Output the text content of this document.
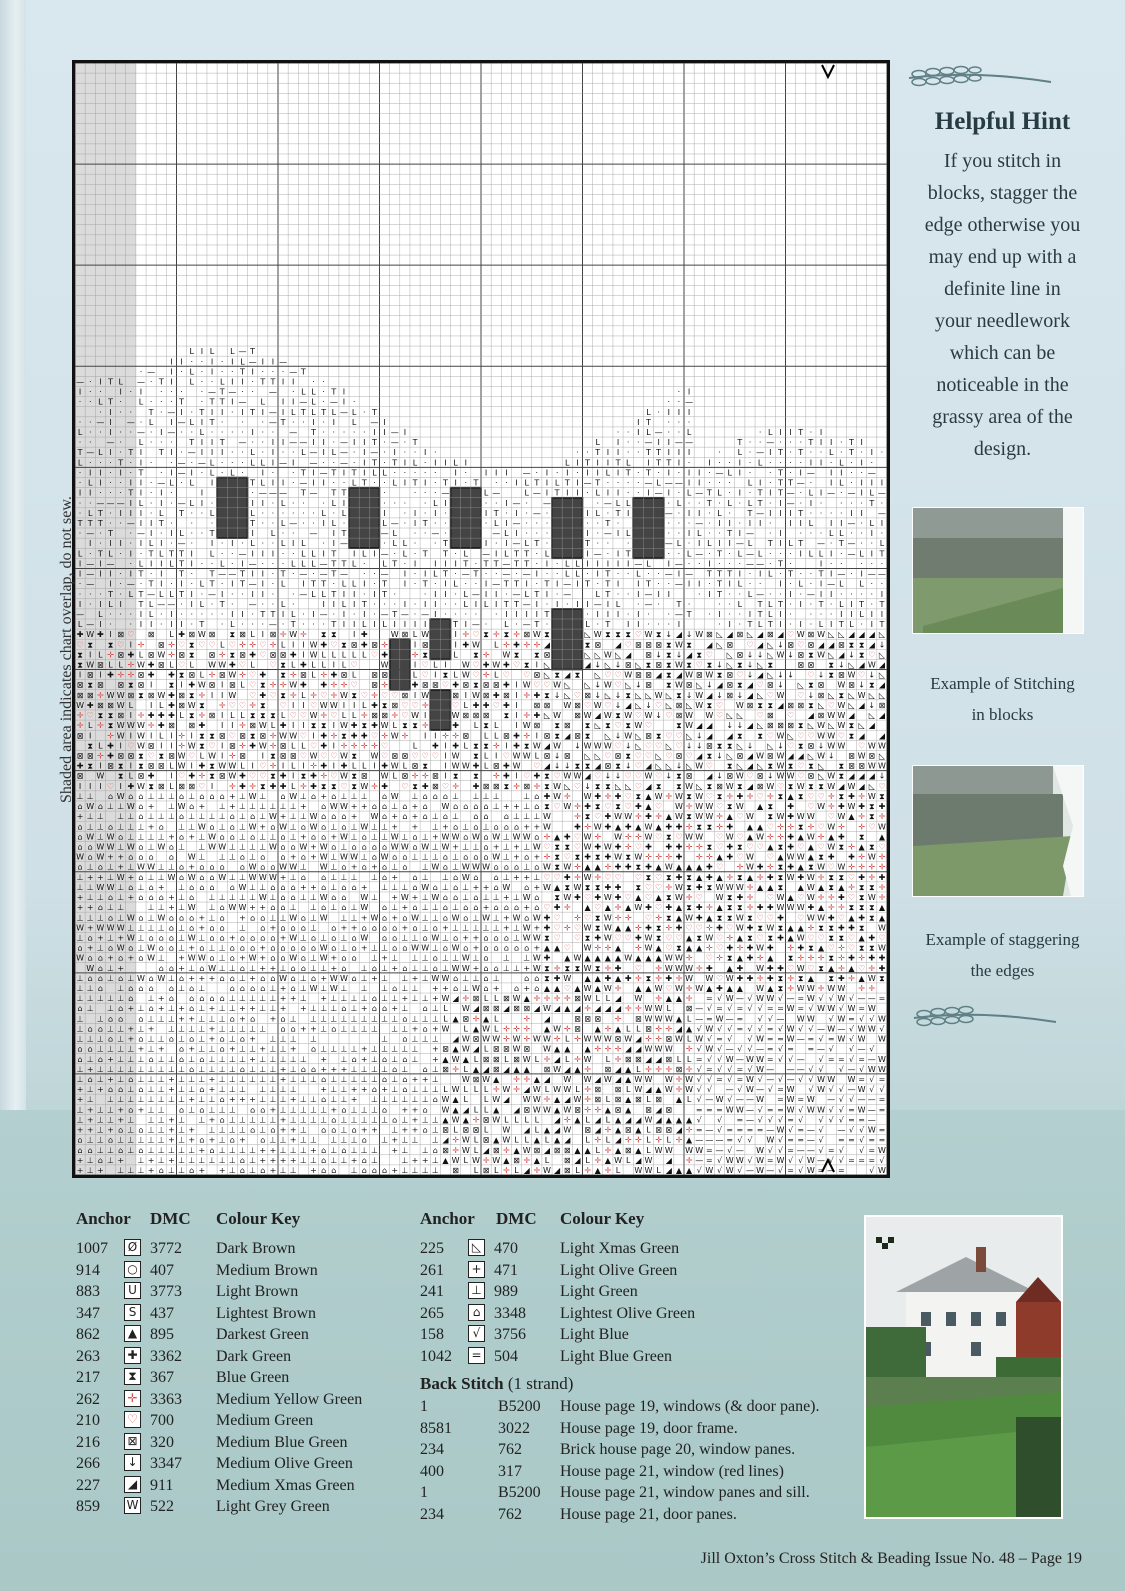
L I L L — T
I I · · I · I L — I I —
· — I · L · I · · T I · · · — T
— · I T L — · T I L · · L I I · T T I I · ·
I · · I · I · · · · — T — · · — · L L · T I	· I
· · L T · L · · · T · T T I — L I I — L · — I ·	· · —
· I · · T · — I · T I I · I T I — I L T L T L — L · T	L · I I I
· · — I — · L I — L I T · · · — T · · I · I L — I	I T · · ·
L · · I · · — · I — · · L · · · · I · · — T · · · · · I I — I	· · I L — · · L	· L I I T · I
· · — · L · · · T I I T — · · I I — — I I · — I I T · — · T	L I · · — I I — —	T · · — · · · T I I · T I
T — L I · T I T I · — I I I · · L · I · · L — I L — · I — · I · · I ·	· · T I I · · T T I I I	· L · — I T · T · · L · T · I ·
L · · · T · I · · — · — L · · · L L I — I — · · — · I T · T I L · I I L I	L I T I I T L I T T I · I · · I · L · · · · I I · L · I ·
· I I · I · T · I — I · L · L · I · · T I — T I T I L L · · · · · I · I I I — · I · I · I I L I T · T · I · I I · — L I · · T · I — I I · · —
· L I · · I I · — L · L I	T L I I · — I I · · L T · · L I T I · T I · T · · I L T I L T I — T · · · · — L — — I I · · · L I · T T — · I L · I I I
I I · · · T I · I ·	I	· — — — T — T T	·	· · · —	L —	L — I T I I · L I I · · I — I · L — T L · I · T I T — · L I — · — I L —
· · — — — I L · I · — L I ·	I I · L · · · L I	· · · · L I	· · I — · —	· — L L	· L · · T · L · L T · I — · I · · · · T ·
· L T · I I I · L T · · L	L · · · · · · L · L	I · I · I ·	I T · I · — ·	I L · T I	— · I I · L · T — I I I T · · · · I I —
T T T · · — I I T · · ·	T · · L — · · I L ·	L — · I T · ·	· L I — · · ·	· · T ·	· · · — · I I · I I · I I L I I — · L I
· — · T · — I · I L · · T	I L · · — I T	— L · · — ·	— L I · · ·	I · — I L	· · I L · · T I — · I · · · L L · · I ·
I · I I · I L I · — · I · I · L · · L I L · I —	· L L · · T	I · I — L T ·	T · · ·	— L · I L I I — L T I L T — · T — · · L
L · T L · I · T L T T I L · · — I I I · · L L I T I L I — · L · T T · L — I L T T · L	I — · I T	· · L — · T · L — L · · · I L L I · — L I T
I — I — · L I I L T I · · L · I — · · · L L L — T T L · L T · I I I I T · T T — T T · I · L L I I I I I — L I — · · I · · · — — · T ·	I · · · · ·
I — I I · I T · I T · T — — T I I · T · — · — T — · · — I · I L T · — T · · — · — I · · L L · I T · · L · · — I — T T T I · I L · T · · T I — · I — —
· — I · — · T I · I · L T · I T — I · L I T T · L L I · T I · T · I L · · I — T T I · T I — I T · T I I T · · — I I · T I L · · I · L · I — L L · ·
· · · T · L T — L L T I · — I · · I I · · — L L T I I · I T ·	· I I · L — I I · — L T I · —	L T · · I — I I	· I T · · L — · · I · — I I · · · · I
I · I L I T L — — · I L · T · — · · L ·	I I L I T · · · I · I I · · L I L I T T — I · I · I I — I L · — · T ·	· · L T L T · I · T · L I T · T
— L · · · I L · I · · · · · I I · T T I L · I — · I · I · — T — · — I · · · · · I I I I T	· I I I · I · · — T · I · · I T L I · · · · I I L I I
L — I · · I I · I I · T · L · · · — · T · · · T I I L I L I I I I	T I — · L · — T ·	L · T I I · · · I	· I · T L T I · I · L I T L · I T
✚ W ✚ I ⊠ ♡ ⊠ L ✚ ⊠ W ⊠ ⧗ ⊠ L I ⊠ ✛ W ✛ ⧗ ⧗ I ✚	W ⊠ L W	I ✛ ♡ ⧗ ✛ ⧗ ✛ ⊠ W ⧗	◺ W ⧗ ⧗ ⧗ ♡ W ⧗ ↓ ◢ ↓ W ⊠ ◺ ◢ ⊠ ◺ ◢ ⊠ ◢ ♡ W ⊠ W ◺ ◺ ◢ ◢ ◢ ◺
♡ ⧗ ⧗ ♡ I ✛ ⊠ ✛ ♡ ⧗ ♡ ♡ L ♡ ✛ ✛ ♡ ✛ L I I W ✚ ♡ ⧗ ⊠ ✚ ⊠ ✛	I ⊠	I ✚ W L ✛ ✚ ✛ ✛ ◢	⧗ ⊠ ◢ ♡ ⊠ ⊠ ⊠ ⧗ W ⧗ ◢ ◺ ⊠ ♡ ◢ ◺ ↓ ⊠ ♡ ⊠ ◢ ◢ ⊠ ⧗ ⧗ ◢ ↓
⧗ I L ✛ ⊠ ✚ L ⊠ W ✛ ⊠ ⧗ ⊠ ✛ ⧗ ⊠ ✚ ♡ ⊠ ⊠ ✚ I W L L L L L ♡ ✚	✛ ⧗	L ⧗ ✛ W ⧗ ⧗ ⊠	◺ ◺ W ◺ ◢ ⊠ ↓ ⧗ ↓ ◢ ⧗ ♡ ◺ ⊠ ↓ ↓ ◺ W ↓ ⊠ ⧗ W ◺ ◢ ↓ ⧗ ♡ ◺
⧗ W ⊠ L L ✛ W ✚ ⊠ L ♡ L W W ✚ ♡ L ♡ ⧗ L ✚ L L I L ♡	W	I ♡ L I W ♡ ✚ W ✚ ♡ ⧗ I ◺	◢ ↓ ◺ ↓ ⊠ ◺ ⧗ ⊠ ⧗ W ⧗ ♡ ⧗ ↓ ◺ ⧗ ↓ ◺ ⧗	⊠ ⊠ ⧗ ↓ ◺ ◢ W ◢
I ⊠ I ✚ ✛ ✛ ⊠ ✚ ✚ ⧗ ⊠ L ✛ ⊠ W ✛ ♡ ✚ ⧗ ✛ ⊠ L ✛ ✚ ⊠ L ⊠ ⊠	L ♡ I ⧗ L W ♡ ✛ L ♡ ♡ ⊠ ◺ ⧗ ◢ ⧗ ◺ ♡ ♡ W ⊠ ⊠ ◢ ⧗ ◢ W ⊠ W ⧗ ⊠ ♡ ↓ ◢ ◺ ↓ ↓ ♡ ↓ ⧗ ⊠ W ♡ ↓ ◺
⊠ ⧗ ⊠ ⊠ ⧗ ⊠ I ⧗ I ✚ W ⊠ I ⊠ L ♡ ⧗ ✛ ✛ W ✚ ✚ ✛ ✛ ♡ ⊠ ✛	✚ ⊠ ⊠ ♡ ✚ ⊠ ⧗ ⊠ ⊠ ✚ I W ♡ ♡ W ◺ ◺ ↓ W ♡ ◺ ↓ ⊠ ⧗ W ⊠ ◺ ↓ ◢ ⊠ ⧗ ◢ ♡ ⊠ ↓ ◺ ⧗ ⊠ W ⊠ ↓ ⧗ ◢
⊠ ⊠ ✛ W W ⊠ ⧗ ⊠ W ✚ ⊠ ⧗ ✛ I I W ♡ ✚ ♡ ⧗ ✛ L ✛ ♡ ✛ W ⧗ ♡ ✛ ♡ ♡ ⊠ I W	⊠ I W ⊠ ✚ ⊠ I ✛ ✚ ⧗ ↓ ◺ ♡ ⊠ ↓ ◺ ↓ ⧗ ◺ ◺ W ◺ ⧗ ↓ W ◢ ↓ ⊠ ↓ ◢ ◺ ♡ W ♡ ↓ ⊠ ◺ ⧗ ◺ W ◺ ◺
W ✚ ⊠ ⊠ W L I L ✚ ⊠ W ⧗ ✛ ♡ ♡ ✛ ⧗ ♡ I I ♡ W W I I L ✚ ⧗ ⊠ ♡ ♡ ✛	♡ L ✚ ✚ ♡ ✚ I ⊠ ⊠ W ⊠ ♡ W ♡ ↓ ◢ ◺ ↓ ♡ ◺ ⊠ ◺ W ⧗ ♡ W ⊠ ⧗ ⧗ ◢ ⊠ ⊠ ⧗ ◺ ♡ W ◺ ◢ ↓ ⊠
✛ ♡ ⧗ ⧗ ⊠ I ✛ ✚ ✚ ✚ L ⧗ ✛ ⊠ I L L ⧗ ⧗ ⧗ L ♡ ♡ W ✛ ♡ L L ✛ ⊠ ⊠ ✛ ♡ W I	W ⊠ ⊠ ⊠ ⧗ I ✛ ✚ ◺ W ⊠ W ◢ W ⧗ W ♡ W ↓ ♡ ⊠ W W ♡ ◺ ◺ ♡ ⊠ ♡ ◢ ⊠ W W ◢ ◺ ◢
✛ L ✛ ⧗ W W W ✛ ✚ ⊠ ⊠ ✚ I I ✛ ⊠ W L ✚ I I ⧗ ⧗ I W ✚ ⧗ ✚ W L ⧗ ⧗ ✛	✚ L ⧗ L I W ⊠ ⧗ ⊠ ⧗ ◺ ⧗ ♡ ⧗ W ♡	⧗ W ◢ ◢ ↓ ↓ ◢ ◺ ⊠ ⊠ ⊠ ⧗ ◺ W ◺ W ⧗ ◺ ◢
⊠ I ✛ W I W I L I ✛ I ⧗ ⧗ ⊠ ♡ ⊠ ⧗ ⊠ ✛ W W ♡ I ✚ ✛ ⧗ ✚ ✚ ♡ ✛ W ✛ I I ✛ ✛ ⊠ L L ⊠ ✚ ✛ I ⊠ ⧗ ◢ ⊠ ⧗ ◺ ↓ W ◺ ⊠ ⧗ ♡ ♡ ◺ ↓ ◢ ◢ ⧗ ⧗ ♡ W ◺ ♡ ♡ W W ♡ ⧗ ◢ ◢
⧗ L ✚ I ♡ W ⊠ I I ✛ W ⧗ ♡ I ⊠ ✛ ✚ W ✛ ⊠ L L ♡ ✚ I ✛ ✛ ✛ ✛ ♡	L ✚ I ✚ L ⧗ ⧗ ✛ I ✚ ⧗ W ◢ W ↓ W W W ♡ ↓ ◺ ♡ ♡ ◺ ♡ ↓ ↓ ⊠ ⧗ ⧗ ◺ ↓ ◺ ↓ ♡ ⧗ ⊠ ↓ W W ♡ W W
⊠ ⊠ ✛ ✚ ⊠ ⊠ ⧗ ♡ ⧗ ⊠ W ♡ L W I ✛ ⊠ I ⧗ ⊠ ⊠ ♡ W ♡ ♡ W ⧗ W ♡ ⊠ ⊠ ♡ ♡ ♡ I W ⧗ L I ♡ W W L ⊠ ↓ ⊠ ◺ ◺ ♡ ⊠ ⧗ ♡ ♡ ◺ ♡ ⊠ ♡ ◢ ⧗ ↓ ◺ ⊠ ◢ W ⊠ W ◢ ◢ ◺ W ↓ ⊠ W ⊠ ◺
✚ ⧗ I ⊠ ⧗ I ⧗ ⊠ ⊠ L W I ✚ ⧗ W W L I ♡ ✛ I L I ✛ ✚ I ✚ L L I ✚ W L ⊠ ⧗ I W W ✚ L ⊠ ✚ W ♡ ◢ ↓ ↓ ⧗ ⧗ ◢ ⊠ ⧗ ↓ ♡ ◢ ◺ ◺ ↓ ◺ W ♡ ⧗ ◺ ◢ ◺ ⧗ W ⧗ ♡ ⧗ ◺ ⧗ ⊠ ⊠ W W
⊠ W ⧗ L ⊠ ✚ I ♡ ✚ ✛ ⧗ ⊠ W ✚ ♡ ♡ ⧗ ✚ I ⧗ ✚ ✛ ♡ W ⧗ ⊠ W L ⊠ ✛ ✛ ⊠ I ⧗ ⧗ ✛ ✚ I ♡ ✚ ⧗ ♡ W W ◢ ♡ ↓ ↓ ♡ ♡ W ♡ ↓ ⧗ ⊠ ◢ ↓ ⊠ W ♡ ⊠ ↓ W W ♡ ⊠ ◺ W ⧗ ◢ ◢ ◢ ↓
I I I ♡ I ✚ W ⧗ ⊠ L ⊠ ⊠ ♡ I ✛ ✚ ✛ ⧗ ✚ ✚ L ✛ ✚ ⧗ ⧗ ♡ ⧗ W ✛ ✚ ♡ ⧗ ✚ ⊠ ♡ ✛ ✚ ⊠ ⊠ ⧗ ✛ ⊠ ✛ ⧗ W ◺ ♡ ↓ ⧗ ⧗ ◺ ◺ ♡ ◢ ⧗ ⧗ W ◺ ⧗ ⊠ W ⧗ ◢ ⊠ W ♡ ⧗ W ⧗ ⧗ W ◢ W ◢ ◺ ♡
⊥ ⊥ ⌂ W ⌂ ⌂ ⊥ ⊥ ⊥ ⌂ ⊥ ⌂ ⌂ ⌂ + ⊥ W ⊥ ⌂ W ⊥ ⌂ + ⌂ ⊥ ⊥ ⊥ ⌂ W ⊥ ⌂ ⌂ ⌂ ⊥ ⊥ ⊥ ⊥	⊥ ⌂ ✚ W ✛ W ✚ ✛ ✚ ♡ ⧗ ▲ W ✛ W ⧗ W ♡ ⧗ ✛ ✚ ✛ ♡ ✛ ⧗ ▲ ⧗ ♡ ♡ ✛ ⧗ ✚ ✛ W ⧗
⌂ W ⌂ ⊥ ⊥ W ⌂ + ⊥ W ⌂ + ⊥ + ⊥ ⊥ ⊥ ⊥ ⊥ ⊥ + ⌂ W W + + ⌂ ⌂ ⊥ ⌂ + ⌂ W ⌂ ⌂ ⌂ ⌂ ⊥ + + ⊥ ⌂ ⧗ ♡ W ✛ ✚ ⧗ ♡ ⧗ ♡ ✚ ▲ ♡ W ✛ W W ♡ ⧗ W ▲ ⧗ ✚ ♡ W ✛ ✚ W ✚ ⧗ ✚
+ ⊥ ⊥ ⊥ ⊥ ⌂ ⊥ ⊥ ⊥ ⌂ ⊥ ⊥ ⊥ ⊥ ⌂ ⊥ ⌂ ⊥ W + ⊥ ⊥ W ⌂ ⌂ ⌂ + W ⌂ + ⌂ + ⌂ ⊥ ⌂ ⊥ ⌂ ⌂ ⌂ ⊥ ⊥ ⊥ W	✛ ⧗ ♡ ✚ W W ✛ ✚ ✛ ▲ W ⧗ W W ✛ ▲ ♡ W ⧗ W ✚ W W ♡ W ▲ ✛ ⧗ ✛
⌂ ⊥ ⊥ ⌂ ⊥ ⊥ ⊥ + ⌂ ⊥ ⊥ W ⌂ ⊥ ⌂ ⊥ W + ⌂ W ⊥ ⌂ W ⌂ ⊥ ⌂ ⊥ W ⊥ ⊥ + + ⊥ + ⌂ ⊥ ⌂ ⊥ ⌂ ⌂ ⌂ + + W	✚ ✛ W ✚ ▲ ✚ ▲ W ▲ ✚ ✚ ✛ ⧗ ⧗ ✛ ✚ ▲ ▲ ♡ ✛ ✛ ⧗ ✛ ♡ W ✛ ✛ ♡ W
⌂ W ⊥ W ⌂ ⊥ ⊥ ⊥ ⊥ + ⌂ + ⊥ W ⌂ ⌂ ⊥ ⌂ ⊥ ⊥ ⌂ ⊥ + ⌂ ⌂ + W ⊥ ⌂ ⊥ ⊥ W ⊥ ⌂ ⊥ + W W ⌂ W ⌂ W ⊥ W W ⌂ ✛ ▲ ✚ ♡ W ✛ W ✛ ✛ W ♡ ⧗ ♡ W W ♡ W ♡ ▲ W ✛ ✛ ✚ ▲ W ✛ ▲ ✚ ⧗ ▲
⌂ ⌂ W W ⊥ W ⌂ ⊥ W ⌂ ⊥ ⊥ W W ⊥ ⊥ ⊥ ⊥ W ⌂ ⌂ W + W ⌂ ⊥ ⌂ ⌂ ⌂ ⌂ W W ⌂ W ⊥ W + ⊥ ⊥ ⌂ + ⊥ + ⊥ W ♡ ⧗ ⧗ ♡ W ✚ W ✚ ✛ ♡ ✚ ✚ ✚ ✛ ✛ ⧗ ♡ ✚ ⧗ ♡ ♡ ▲ ⧗ ✚ ♡ ▲ ♡ W ⧗ ✛ ▲ ⧗ ♡
W ⌂ W + + ⌂ ⌂ ⌂ ⌂ W ⊥ ⊥ ⊥ ⌂ ⊥ ⌂ ⌂ + ⌂ + W ⊥ W W ⊥ ⌂ W ⌂ ⌂ ⊥ ⊥ ⊥ ⌂ ⊥ ⌂ ⌂ ⌂ W ⊥ + ⌂ + ✛ ⧗ ♡ ⧗ ✚ ⧗ ✚ W ⧗ W ✛ ✛ ✛ ✚ ✛ ✛ ▲ ✚ ♡ W ♡ ▲ W W ▲ ⧗ ✚ ✚ ✛ W ✛
⌂ ⊥ ⌂ ⊥ + ⊥ W W ⊥ ⊥ ⌂ + ⌂ ⌂ ⌂ ⌂ W ⌂ ⌂ W W ⊥ W ⊥ ⌂ + ⌂ + ⌂ ⊥ ⌂ ⊥ W ⌂ ⊥ W W W ⌂ ⌂ ⌂ ⊥ ⌂ W ⧗ W ✛ ▲ ▲ ✛ ✚ ✚ ⧗ ✚ ▲ W ▲ ▲ ▲ ✚ ♡ ✛ W ✚ ✛ ⧗ ✚ ▲ ⧗ W ♡ W ✛ ✛ ✛ ✛
⊥ + + ⊥ W + ⌂ ⊥ ⊥ W ⌂ W ⌂ ⌂ W ⊥ ⊥ W W W + ⊥ ⌂ ⌂ ⊥ ⊥ ⊥ ⊥ ⌂ + ⌂ ⊥ ⊥ ⌂ W ⌂ ⌂ ⊥ + + ⊥ ♡ ♡ ✚ ✛ W ✛ ♡ ♡ ♡ ⧗ ♡ ⧗ ✚ ⧗ ▲ ✚ ▲ ✛ ⧗ ▲ ✛ ✚ ⧗ W ✚ W ✛ ⧗ ⧗ ♡ ✚ ✛ ✚
⊥ ⊥ W W ⊥ ⌂ ⊥ ⌂ + ⊥ ⌂ ⌂ ⌂ ⌂ W ⊥ ⊥ ⌂ ⌂ ⌂ + + ⌂ ⊥ ⌂ ⌂ + ⊥ ⊥ ⊥ ⌂ W ⌂ ⊥ ⌂ ⊥ + + ⌂ W ⌂ + W ▲ ⧗ W ⧗ ⧗ ✚ ✚ ⧗ ♡ ♡ ✛ W ⧗ ✚ ⧗ W W W ✛ ▲ ▲ ⧗ ▲ W ▲ ⧗ ▲ ✛ ⧗ ⧗ ✛
+ ⊥ ⊥ ⌂ ⊥ + ⌂ ⌂ ⌂ + ⊥ ⌂ ⊥ ⊥ ⊥ ⊥ ⊥ W ⊥ ⌂ ⌂ ⊥ ⊥ W ⌂ ⌂ W ⊥ + W + ⊥ W ⌂ ⌂ ⊥ ⌂ ⊥ ⊥ + ⊥ W ⌂ ⧗ W ✚ ♡ ✚ W ✚ ♡ ▲ ♡ ▲ ⧗ W ✛ ♡ W ⧗ ✚ ✛ ♡ W ▲ ♡ W ✛ ✛ ✚ ♡ ⧗ W ✛
+ + ⌂ ⊥ ⊥	⊥ ⊥ + ⊥ W ⊥ ⌂ W W + + ⌂ ⌂ ⊥ ⊥ ⌂ ⊥ ⌂ ⊥ W ⌂ ⊥ + ⌂ ⊥ ⊥ ⌂ ⊥ ⌂ ⌂ + ⌂ ⌂ ⌂ + ⌂ ♡ ✚ ✛ ▲ ♡ ▲ ✛ ▲ W ✚ ♡ ✚ ▲ ⧗ ✚ ✛ ▲ ⧗ ⧗ ✛ ✚ ✚ W W W ✚ ▲ ✛ ✛ ⧗ ⧗ ⧗ ▲
⊥ ⊥ ⊥ ⌂ ⊥ W ⌂ ⊥ W ⌂ ⌂ ⌂ + ⊥ ⌂ + ⌂ ⌂ ⊥ ⊥ W ⌂ ⊥ W ⊥ ⊥ + W ⌂ + ⌂ W ⊥ ⊥ ⌂ W ⌂ ⊥ W ⊥ + W ⌂ W ✚ ♡ ✛ ♡ ⧗ W ✛ ✛ ♡ ✛ ⧗ ▲ W ✚ ▲ ⧗ ⧗ W ⧗ ♡ ♡ ✚ ♡ W W ✚ ♡ ▲ ✚ ⧗ ▲
W + W W W ⊥ ⊥ ⊥ ⊥ ⌂ ⊥ ⌂ + ⌂ ⌂ ⊥ ⌂ + ⌂ ⌂ ⌂ ⊥ ⌂ + + ⌂ ⌂ ⌂ ⌂ + ⌂ ⊥ ⌂ + ⊥ ⊥ ⊥ ⊥ ⊥ + ⊥ W + ✚ ♡ ✛ ♡ W ⧗ W ▲ ▲ ✛ ✚ ⧗ ✛ ✚ ♡ ♡ ✛ ✚ ♡ W ✚ ⧗ W ⧗ ▲ ▲ ✛ ⧗ ⧗ ✚ ✚ ⧗ W
⊥ ⌂ + ⊥ + W ⊥ ⌂ ⌂ ⌂ ⊥ W ⊥ ⌂ ⌂ + ⌂ ⌂ ⌂ ⌂ + W ⊥ ⌂ ⊥ ⌂ ⊥ ⌂ W ⌂ ⌂ ⊥ ⊥ ⌂ W ⊥ ⌂ + + ⌂ ⌂ ⌂ ⊥ W W ⧗ ♡ ♡ ⧗ ✚ W ♡ ♡ ✚ W ⧗ ♡ ♡ ▲ ⧗ W ♡ ✛ ▲ ⧗ ♡ ⧗ ✚ ▲ W ♡ ♡ ⧗ ⧗ ♡ ▲ ✚ ♡
⌂ + ⊥ ⌂ W ⌂ ⊥ W ⌂ ⌂ ⊥ + ⌂ ⊥ ⊥ ⌂ ⌂ ⌂ + ⌂ ⌂ ⌂ ⌂ ⌂ W ⌂ ⊥ ⌂ + ⊥ ⊥ ⌂ ⌂ W W ⊥ ⌂ W ⌂ + ⌂ ⌂ ⌂ ⌂ ⌂ + ▲ ▲ ♡ W ✛ ✛ ▲ ✛ W ▲ ♡ ⧗ ▲ ▲ ✛ ♡ ✚ ✛ ✚ W ✚ ✛ ✚ ⧗ ▲ ♡ ✛ ♡ ⧗ ⧗ W
W ⌂ ⌂ + ⌂ + ⌂ W ⊥ + W W ⌂ ⊥ ⌂ + W + ⌂ ⌂ W ⌂ ⊥ W + ⌂ ⌂ ⊥ + ⊥ ⊥ ⊥ ⌂ ⊥ ⊥ W ⊥ ⌂ ⊥ ⊥ W ✚ ▲ W ▲ ▲ ▲ ▲ W ▲ ▲ ▲ W W ✛ ♡ ✛ ⧗ ▲ ✚ ✛ ▲ ⧗ ✛ ✛ ✛ ⧗ ✛ ✚ ✛ ✚ ✚
W ⌂ ⊥ +	⌂ ⌂ + ⊥ ⌂ W ⊥ ⊥ ⌂ ⊥ + + ⊥ ⌂ ⌂ ⊥ ⊥ + ⌂ ⊥ ⌂ ⊥ + ⌂ ⊥ ⊥ ⌂ ⊥ W W + ⌂ ⌂ ⊥ ⊥ + W ⧗ ✛ ⧗ ⧗ W ⧗ ✛ ✚ ♡ ✛ W W W ✛ ✚ ▲ ✚ W ✚ ✚ ♡ W ♡ ⧗ ▲ ✛ ▲ ♡ ✛ ✚
⊥ ⌂ ⌂ ⊥ ⌂ ⊥ W ⌂ W ⊥ ⌂ + + + ⌂ ⌂ ⊥ + ⌂ ⌂ W ⌂ ⊥ ⌂ + W W ⌂ ⊥ + ⊥ ⊥ + ⊥ W W ⌂ ⊥ ⊥ ⌂ ⊥	⌂ ⌂ ⧗ ✚ W ▲ ▲ ✚ ▲ ✚ ✛ ⧗ ✛ ✚ ✛ W W ♡ W ✚ ✚ ✛ ✚ ⧗ ✛ ⧗ ▲ ⧗ ✚ ✛ ▲ W ⧗
⊥ ⊥ ⌂ ⊥ ⌂ ⌂ ⌂ ⌂ ⊥ ⌂ ⊥	⌂ ⌂ ⌂ ⌂ ⊥ + ⌂ ⊥ W ⊥ W ⊥ ⊥ ⊥ ⌂ ⊥ ⊥ + + ⌂ ⊥ W ⌂ + ⌂ + ⌂ ▲ ▲ ♡ ▲ W ▲ W ✛ ▲ ▲ W ♡ W ✛ W ▲ ✚ ▲ ▲ W ▲ ⧗ ✛ W W ✛ W W ✛ ✛
⊥ ⊥ ⊥ ⊥ ⊥ ⌂ ⊥ + ⌂ ⌂ ⌂ ⌂ ⌂ ⊥ ⊥ ⊥ ⊥ ⊥ + + ⊥ + ⊥ ⊥ ⊥ ⊥ ⌂ ⊥ ⊥ + ⊥ ⊥ + W ◢ ✛ ⊠ L L ⊠ W ▲ ✛ ✛ ✛ ✛ ⊠ W L L ◢ W ✛ ▲ ▲ ✛ = √ W — √ W W √ — = W √ √ W √ — — =
⌂ ⊥ ⊥ ⌂ + ⊥ ⌂ + ⊥ + ⌂ ⊥ + ⊥ ⊥ + + ⊥ ⊥ + + ⊥ ⊥ ⊥ ⌂ ⊥ + ⌂ ⌂ + ⊥ ⌂ ⊥ L W ◢ ⊠ ⊠ ◢ ⊠ ⊠ ◢ W ◢ ▲ ◢ ✛ ◢ ◢ ◢ ✛ ✛ W W L ⊠ — √ = √ = √ √ = = W = √ W W √ W = W
⊥ ⊥ ⌂ ⌂ ⌂ ⊥ ⊥ ⊥ + + ⊥ ⊥ ⊥ ⌂ + ⌂ + ⌂ ⊥ ⊥ ⊥ ⊥ ⊥ ⊥ ⊥ ⊥ ⊥ ⊥ ⌂ ⊥ ⊥ ⊥ L ▲ ⊠ ✛ ▲ L	✛ ◢	⊠ ⊠ ⊠ ✛ ⊠ W W W ▲ L — = W — = √ √ — W W √ W = √ √ W
⊥ ⌂ ⌂ ⊥ ⊥ + ⊥ + ⊥ ⊥ ⊥ ⊥ + ⊥ ⊥ ⊥ ⊥ ⊥ ⌂ ⌂ + + ⊥ ⌂ ⊥ ⊥ ⊥ ⊥ ⊥ ⊥ + ⌂ + W L ▲ W L ✛ ✛ ✛ ▲ W ✛ ⊠ ▲ ✛ ▲ L L ⊠ ✛ ✛ ◢ ▲ √ W √ √ = √ √ = √ W √ √ — W — √ W W √
⊥ ⊥ ⊥ ⌂ ⊥ + ⌂ ⊥ ⊥ ⌂ ⊥ ⌂ ⊥ + ⌂ ⊥ ⌂ + ⊥ ⊥ ⊥ ⊥	⊥ ⌂ ⊥ ⊥ ⊥ ◢ W ⊠ W W ✛ W ✛ W W ✛ L ✛ W W W ⊠ W ◢ ✛ ✛ ⊠ W L W √ = √ √ W = = W — = √ = W √ W W
⌂ ⌂ ⊥ ⊥ ⊥ ⊥ + ⊥ + ⌂ + ⊥ ⊥ ⌂ + ⊥ ⊥ + ⊥ ⊥ + ⌂ ⊥ ⊥ ⊥ ⊥ + ⊥ ⊥ ⊥ ⊥ ⊥ + ⊠ ▲ W ◢ L ⊠ ⊠ W ⊠ W ▲ ▲ ▲ ✛ ✛ ✛ ◢ ◢ W W W ✛ √ W √ — √ √ — = √ = = — √ √ — √
⌂ ⊥ ⌂ + ⊥ ⊥ ⊥ ⌂ ⊥ ⊥ ⌂ ⊥ ⌂ ⊥ ⊥ ⊥ ⊥ + ⊥ ⊥ ⊥ ⊥ ⊥ + ⊥ ⌂ + ⊥ ⌂ ⊥ ⌂ ⊥ + ▲ W ▲ L ⊠ ⊠ L ⊠ W L ✛ ◢ L ✛ W L ✛ ⊠ ⊠ ◢ ◢ ⊠ L L = √ √ W — W W = √ √ — √ = = √ = — W
⊥ + ⊥ ⊥ ⊥ ⊥ ⊥ ⊥ ⊥ ⊥ ⊥ ⌂ ⊥ ⊥ ⊥ ⊥ ⌂ ⊥ ⊥ ⊥ + ⊥ ⌂ ⌂ + + + ⊥ ⊥ ⊥ ⊥ ⌂ ⊥ ⌂ ⊥ ⊠ ✛ L ▲ ◢ ⊠ ◢ ▲ ▲ ⊠ W ◢ ▲ ✛ ⊠ ◢ ▲ L ✛ ✛ ✛ ⊠ ✛ √ = √ √ = √ W — — — √ √ √ — √ W W
⊥ ⌂ ⊥ + ⊥ ⌂ ⊥ ⊥ ⊥ + ⊥ ⊥ ⊥ + ⊥ ⊥ ⊥ ⊥ ⊥ ⊥ + ⊥ ⊥ ⊥ ⌂ ⊥ ⊥ ⊥ ⊥ ⊥ ⌂ ⊥ ⌂ + + ⊥	W ⊠ W ▲ ✛ ✛ ▲ ◢ W W ◢ W ◢ ▲ W W W ✛ W √ √ = √ = W √ — √ — √ √ W W W = √ =
+ ⊥ + ⌂ ⌂ ⊥ ⌂ ⊥ ⊥ + ⊥ ⊥ ⌂ + ⊥ ⊥ ⊥ ⊥ ⊥ ⊥ ⊥	+ ⊥ ⊥ + + ⌂ + ⊥ ⌂ ⊥ ⊥ ⊥ L W L L L ✛ W ✛ ◢ W L W W L ✛ ⊠ ⊠ L W ◢ ▲ W ✛ W √ √ — √ W — √ = W √ W √ √ — W √ √
+ ⊥ ⊥ ⊥ ⊥ ⊥ ⊥ ⊥ ⊥ ⊥ + ⊥ ⊥ ⌂ + + + ⊥ ⊥ ⊥ + ⊥ ⊥ ⌂ ⊥ ⊥ + ⊥ ⊥ ⊥ ⊥ ⊥ ⊥ ⌂ W ▲ L L W ◢ W W ✛ ▲ ◢ W ✛ ⊠ L ⊠ ▲ ⊠ L ⊠ ▲ L √ — W √ — — W = W = W — √ √ — — =
⊥ + ⊥ ⊥ + ⌂ + ⊥ ⊥ ⌂ ⊥ ⌂ ⊥ ⊥ ⊥ ⌂ ⌂ + ⊥ ⊥ ⊥ ⊥ ⊥ + ⌂ ⊥ ⊥ ⊥ ⌂ + + ⌂ W ▲ ◢ L L ▲ ◢ ⊠ W W ▲ W ⊠ ✛ ✛ ▲ ⊠ ▲ ⊠ ◢ ⊠	= = = W W — √ = = W √ W W √ √ = W — =
⊥ + ⊥ ⊥ + ⊥ ⊥ ⊥ + ⊥ ⊥ + ⌂ ⊥ ⊥ ⊥ ⊥ ⊥ + ⊥ ⊥ ⊥ ⊥ ⌂ ⊥ ⊥ ⊥ ⊥ ⊥ ⌂ ⊥ + ⊥ ⊥ ▲ W ▲ ✛ ⊠ W L L L L ◢ ✛ ▲ L ◢ L ▲ ◢ ◢ W ◢ ▲ ▲ ▲ √ √ = — √ √ √ = √ √ √ √ = = —
+ + ⊥ + ⌂ ⊥ ⌂ ⊥ ⊥ + ⊥ + ⊥ ⊥ ⊥ ⊥ ⌂ ⊥ ⌂ + + ⊥ ⌂ ⌂ ⊥ ⌂ + + ⊥ + + ⌂ ⊥ ⊠ L ⊠ ⊠ L W ◢ L ▲ ◢ W ⊠ ◢ ✛ ▲ ⊠ ▲ L ⊠ ⊠ ◢ ✛ = — √ = = = = — W √ = — √ — √ √ W =
⌂ ⊥ ⊥ ⌂ ⊥ ⊥ ⊥ ⊥ ⊥ + ⊥ + ⌂ + ⊥ ⌂ + ⌂ ⊥ ⊥ + ⊥ ⊥ ⊥ ⊥ ⊥ ⌂ ⊥ + ⊥ ⊥ ⊥ ◢ ✛ W L ⊠ ▲ W L L ▲ L ▲ ◢ L ✛ L ◢ ✛ ✛ L ✛ L ✛ ▲ — — — = √ √ W √ = = — √ = = √ = =
⌂ ⌂ ⊥ ⊥ ⌂ ⊥ ⌂ ⊥ ⊥ ⊥ ⊥ ⊥ + ⌂ ⊥ ⊥ ⊥ ⊥ + + ⊥ ⊥ ⊥ + ⌂ ⊥ ⌂ ⊥ ⊥ ⊥ + ⊥ ⊥ ⌂ ⊠ ✛ W L ◢ ⊠ ✛ ▲ W ⊠ ◢ ⊠ ⊠ ▲ ▲ L ✛ ▲ ⊠ ▲ L W W W W = — √ — W √ √ = — — √ = √ √ = W
+ ⊥ ⌂ ⊥ + ⊥ + ⊥ + ⊥ ⊥ ⊥ ⊥ ⊥ ⊥ ⌂ ⊥ + + + + ⊥ ⊥ ⌂ ⊥ ⊥ + ⌂ ⊥	⊥ + + ⊥ ▲ W L W ✛ W ▲ ⊠ ✛ ▲ L ⊠ ◢ L ✛ ▲ W L ◢ W ◢ ✛ — = √ W W √ W = W √ √ W — √ √ = = = √
+ ⊥ + ⊥ ⊥ ⊥ + ⌂ ⊥ ⊥ ⌂ + + ⊥ ⌂ ⊥ ⌂ + ⊥ ⊥ + ⌂ ⌂ ⊥ ⌂ ⌂ ⌂ + ⊥ ⊥ ⊥ ⊥ ⊠ L ⊠ L ✛ L ◢ ✛ W ◢ ⊠ L ✛ ▲ ✛ L W W L ◢ ▲ ▲ √ W √ W √ — W — √ = √ W = — =	√ W
Shaded area indicates chart overlap, do not sew.
Helpful Hint
If you stitch in
blocks, stagger the
edge otherwise you
may end up with a
definite line in
your needlework
which can be
noticeable in the
grassy area of the
design.
Example of Stitching
in blocks
Example of staggering
the edges
Anchor DMC Colour Key
1007	Ø 3772	Dark Brown
914	○ 407	Medium Brown
883	U 3773	Light Brown
347	S 437	Lightest Brown
862	▲ 895	Darkest Green
263	✚ 3362	Dark Green
217	⧗ 367	Blue Green
262	✛ 3363	Medium Yellow Green
210	♡ 700	Medium Green
216	⊠ 320	Medium Blue Green
266	↓ 3347	Medium Olive Green
227	◢ 911	Medium Xmas Green
859	W 522	Light Grey Green
Anchor DMC Colour Key
225	◺ 470	Light Xmas Green
261	+ 471	Light Olive Green
241	⊥ 989	Light Green
265	⌂ 3348	Lightest Olive Green
158	√ 3756	Light Blue
1042	= 504	Light Blue Green
Back Stitch (1 strand)
1	B5200	House page 19, windows (& door pane).
8581	3022	House page 19, door frame.
234	762	Brick house page 20, window panes.
400	317	House page 21, window (red lines)
1	B5200	House page 21, window panes and sill.
234	762	House page 21, door panes.
Jill Oxton’s Cross Stitch & Beading Issue No. 48 – Page 19
